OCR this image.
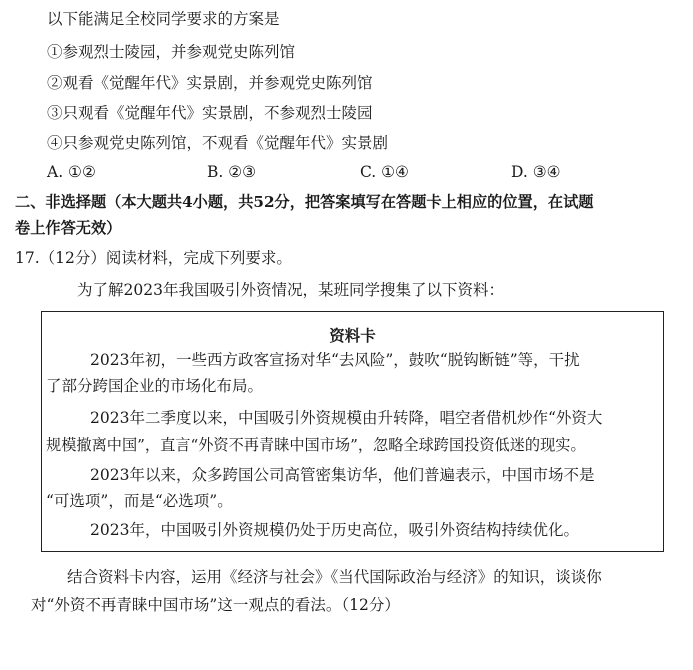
以下能满足全校同学要求的方案是
①参观烈士陵园，并参观党史陈列馆
②观看《觉醒年代》实景剧，并参观党史陈列馆
③只观看《觉醒年代》实景剧，不参观烈士陵园
④只参观党史陈列馆，不观看《觉醒年代》实景剧
A. ①②	B. ②③	C. ①④	D. ③④
二、非选择题（本大题共4小题，共52分，把答案填写在答题卡上相应的位置，在试题
卷上作答无效）
17.（12分）阅读材料，完成下列要求。
为了解2023年我国吸引外资情况，某班同学搜集了以下资料：
资料卡
2023年初，一些西方政客宣扬对华“去风险”，鼓吹“脱钩断链”等，干扰
了部分跨国企业的市场化布局。
2023年二季度以来，中国吸引外资规模由升转降，唱空者借机炒作“外资大
规模撤离中国”，直言“外资不再青睐中国市场”，忽略全球跨国投资低迷的现实。
2023年以来，众多跨国公司高管密集访华，他们普遍表示，中国市场不是
“可选项”，而是“必选项”。
2023年，中国吸引外资规模仍处于历史高位，吸引外资结构持续优化。
结合资料卡内容，运用《经济与社会》《当代国际政治与经济》的知识，谈谈你
对“外资不再青睐中国市场”这一观点的看法。（12分）
